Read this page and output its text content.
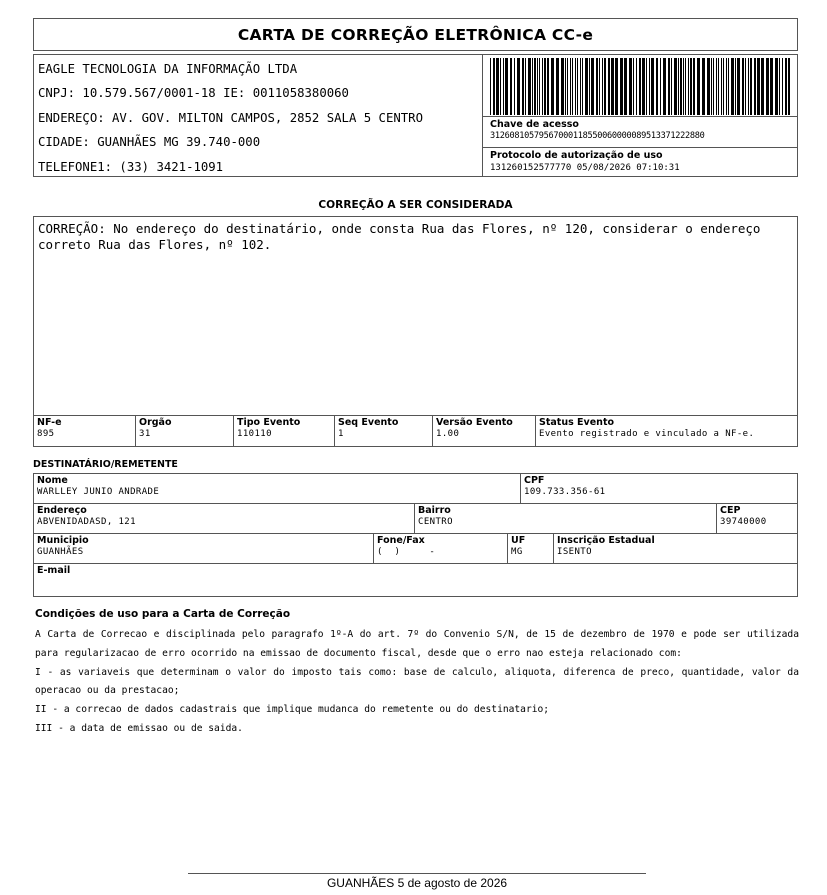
CARTA DE CORREÇÃO ELETRÔNICA CC-e
EAGLE TECNOLOGIA DA INFORMAÇÃO LTDA
CNPJ: 10.579.567/0001-18 IE: 0011058380060
ENDEREÇO: AV. GOV. MILTON CAMPOS, 2852 SALA 5 CENTRO
CIDADE: GUANHÃES MG 39.740-000
TELEFONE1: (33) 3421-1091
Chave de acesso
31260810579567000118550060000089513371222880
Protocolo de autorização de uso
131260152577770 05/08/2026 07:10:31
CORREÇÃO A SER CONSIDERADA
CORREÇÃO: No endereço do destinatário, onde consta Rua das Flores, nº 120, considerar o endereço correto Rua das Flores, nº 102.
NF-e
895
Orgão
31
Tipo Evento
110110
Seq Evento
1
Versão Evento
1.00
Status Evento
Evento registrado e vinculado a NF-e.
DESTINATÁRIO/REMETENTE
Nome
WARLLEY JUNIO ANDRADE
CPF
109.733.356-61
Endereço
ABVENIDADASD, 121
Bairro
CENTRO
CEP
39740000
Municipio
GUANHÃES
Fone/Fax
(  )     -
UF
MG
Inscrição Estadual
ISENTO
E-mail
Condições de uso para a Carta de Correção

A Carta de Correcao e disciplinada pelo paragrafo 1º-A do art. 7º do Convenio S/N, de 15 de dezembro de 1970 e pode ser utilizada para regularizacao de erro ocorrido na emissao de documento fiscal, desde que o erro nao esteja relacionado com:

I - as variaveis que determinam o valor do imposto tais como: base de calculo, aliquota, diferenca de preco, quantidade, valor da operacao ou da prestacao;

II - a correcao de dados cadastrais que implique mudanca do remetente ou do destinatario;

III - a data de emissao ou de saida.

GUANHÃES 5 de agosto de 2026
